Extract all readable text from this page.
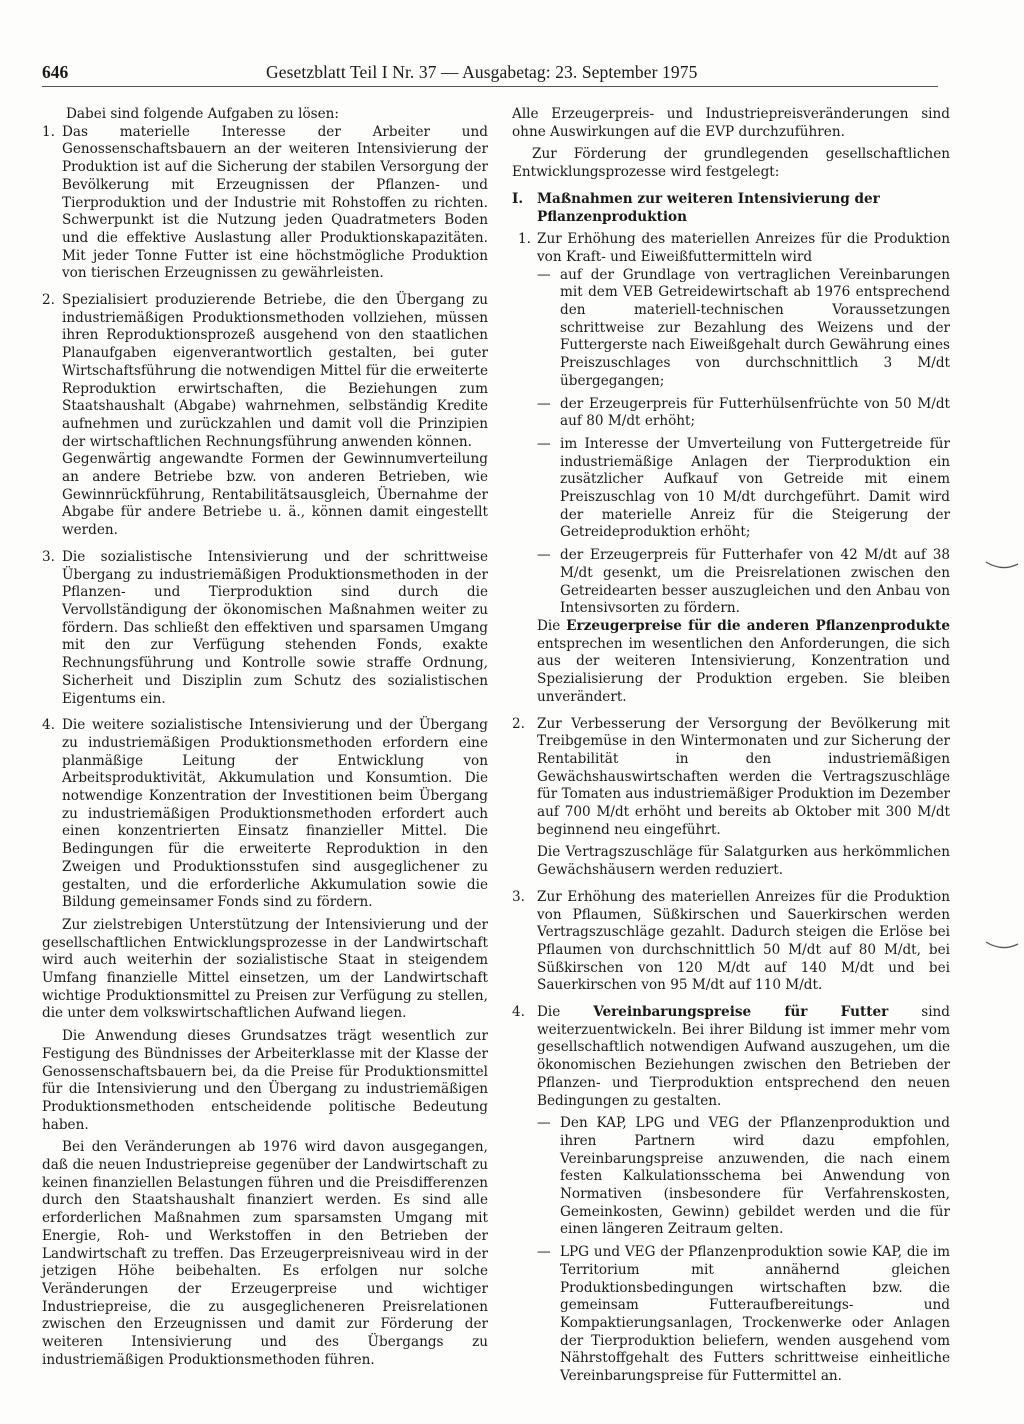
646	Gesetzblatt Teil I Nr. 37 — Ausgabetag: 23. September 1975

Dabei sind folgende Aufgaben zu lösen:

1. Das materielle Interesse der Arbeiter und Genossenschaftsbauern an der weiteren Intensivierung der Produktion ist auf die Sicherung der stabilen Versorgung der Bevölkerung mit Erzeugnissen der Pflanzen- und Tierproduktion und der Industrie mit Rohstoffen zu richten. Schwerpunkt ist die Nutzung jeden Quadratmeters Boden und die effektive Auslastung aller Produktionskapazitäten. Mit jeder Tonne Futter ist eine höchstmögliche Produktion von tierischen Erzeugnissen zu gewährleisten.
2. Spezialisiert produzierende Betriebe, die den Übergang zu industriemäßigen Produktionsmethoden vollziehen, müssen ihren Reproduktionsprozeß ausgehend von den staatlichen Planaufgaben eigenverantwortlich gestalten, bei guter Wirtschaftsführung die notwendigen Mittel für die erweiterte Reproduktion erwirtschaften, die Beziehungen zum Staatshaushalt (Abgabe) wahrnehmen, selbständig Kredite aufnehmen und zurückzahlen und damit voll die Prinzipien der wirtschaftlichen Rechnungsführung anwenden können.
Gegenwärtig angewandte Formen der Gewinnumverteilung an andere Betriebe bzw. von anderen Betrieben, wie Gewinnrückführung, Rentabilitätsausgleich, Übernahme der Abgabe für andere Betriebe u. ä., können damit eingestellt werden.
3. Die sozialistische Intensivierung und der schrittweise Übergang zu industriemäßigen Produktionsmethoden in der Pflanzen- und Tierproduktion sind durch die Vervollständigung der ökonomischen Maßnahmen weiter zu fördern. Das schließt den effektiven und sparsamen Umgang mit den zur Verfügung stehenden Fonds, exakte Rechnungsführung und Kontrolle sowie straffe Ordnung, Sicherheit und Disziplin zum Schutz des sozialistischen Eigentums ein.
4. Die weitere sozialistische Intensivierung und der Übergang zu industriemäßigen Produktionsmethoden erfordern eine planmäßige Leitung der Entwicklung von Arbeitsproduktivität, Akkumulation und Konsumtion. Die notwendige Konzentration der Investitionen beim Übergang zu industriemäßigen Produktionsmethoden erfordert auch einen konzentrierten Einsatz finanzieller Mittel. Die Bedingungen für die erweiterte Reproduktion in den Zweigen und Produktionsstufen sind ausgeglichener zu gestalten, und die erforderliche Akkumulation sowie die Bildung gemeinsamer Fonds sind zu fördern.

Zur zielstrebigen Unterstützung der Intensivierung und der gesellschaftlichen Entwicklungsprozesse in der Landwirtschaft wird auch weiterhin der sozialistische Staat in steigendem Umfang finanzielle Mittel einsetzen, um der Landwirtschaft wichtige Produktionsmittel zu Preisen zur Verfügung zu stellen, die unter dem volkswirtschaftlichen Aufwand liegen.

Die Anwendung dieses Grundsatzes trägt wesentlich zur Festigung des Bündnisses der Arbeiterklasse mit der Klasse der Genossenschaftsbauern bei, da die Preise für Produktionsmittel für die Intensivierung und den Übergang zu industriemäßigen Produktionsmethoden entscheidende politische Bedeutung haben.

Bei den Veränderungen ab 1976 wird davon ausgegangen, daß die neuen Industriepreise gegenüber der Landwirtschaft zu keinen finanziellen Belastungen führen und die Preisdifferenzen durch den Staatshaushalt finanziert werden. Es sind alle erforderlichen Maßnahmen zum sparsamsten Umgang mit Energie, Roh- und Werkstoffen in den Betrieben der Landwirtschaft zu treffen. Das Erzeugerpreisniveau wird in der jetzigen Höhe beibehalten. Es erfolgen nur solche Veränderungen der Erzeugerpreise und wichtiger Industriepreise, die zu ausgeglicheneren Preisrelationen zwischen den Erzeugnissen und damit zur Förderung der weiteren Intensivierung und des Übergangs zu industriemäßigen Produktionsmethoden führen.

Alle Erzeugerpreis- und Industriepreisveränderungen sind ohne Auswirkungen auf die EVP durchzuführen.

Zur Förderung der grundlegenden gesellschaftlichen Entwicklungsprozesse wird festgelegt:

I. Maßnahmen zur weiteren Intensivierung der Pflanzenproduktion
1. Zur Erhöhung des materiellen Anreizes für die Produktion von Kraft- und Eiweißfuttermitteln wird
— auf der Grundlage von vertraglichen Vereinbarungen mit dem VEB Getreidewirtschaft ab 1976 entsprechend den materiell-technischen Voraussetzungen schrittweise zur Bezahlung des Weizens und der Futtergerste nach Eiweißgehalt durch Gewährung eines Preiszuschlages von durchschnittlich 3 M/dt übergegangen;
— der Erzeugerpreis für Futterhülsenfrüchte von 50 M/dt auf 80 M/dt erhöht;
— im Interesse der Umverteilung von Futtergetreide für industriemäßige Anlagen der Tierproduktion ein zusätzlicher Aufkauf von Getreide mit einem Preiszuschlag von 10 M/dt durchgeführt. Damit wird der materielle Anreiz für die Steigerung der Getreideproduktion erhöht;
— der Erzeugerpreis für Futterhafer von 42 M/dt auf 38 M/dt gesenkt, um die Preisrelationen zwischen den Getreidearten besser auszugleichen und den Anbau von Intensivsorten zu fördern.
Die Erzeugerpreise für die anderen Pflanzenprodukte entsprechen im wesentlichen den Anforderungen, die sich aus der weiteren Intensivierung, Konzentration und Spezialisierung der Produktion ergeben. Sie bleiben unverändert.
2. Zur Verbesserung der Versorgung der Bevölkerung mit Treibgemüse in den Wintermonaten und zur Sicherung der Rentabilität in den industriemäßigen Gewächshauswirtschaften werden die Vertragszuschläge für Tomaten aus industriemäßiger Produktion im Dezember auf 700 M/dt erhöht und bereits ab Oktober mit 300 M/dt beginnend neu eingeführt.
Die Vertragszuschläge für Salatgurken aus herkömmlichen Gewächshäusern werden reduziert.
3. Zur Erhöhung des materiellen Anreizes für die Produktion von Pflaumen, Süßkirschen und Sauerkirschen werden Vertragszuschläge gezahlt. Dadurch steigen die Erlöse bei Pflaumen von durchschnittlich 50 M/dt auf 80 M/dt, bei Süßkirschen von 120 M/dt auf 140 M/dt und bei Sauerkirschen von 95 M/dt auf 110 M/dt.
4. Die Vereinbarungspreise für Futter sind weiterzuentwickeln. Bei ihrer Bildung ist immer mehr vom gesellschaftlich notwendigen Aufwand auszugehen, um die ökonomischen Beziehungen zwischen den Betrieben der Pflanzen- und Tierproduktion entsprechend den neuen Bedingungen zu gestalten.
— Den KAP, LPG und VEG der Pflanzenproduktion und ihren Partnern wird dazu empfohlen, Vereinbarungspreise anzuwenden, die nach einem festen Kalkulationsschema bei Anwendung von Normativen (insbesondere für Verfahrenskosten, Gemeinkosten, Gewinn) gebildet werden und die für einen längeren Zeitraum gelten.
— LPG und VEG der Pflanzenproduktion sowie KAP, die im Territorium mit annähernd gleichen Produktionsbedingungen wirtschaften bzw. die gemeinsam Futteraufbereitungs- und Kompaktierungsanlagen, Trockenwerke oder Anlagen der Tierproduktion beliefern, wenden ausgehend vom Nährstoffgehalt des Futters schrittweise einheitliche Vereinbarungspreise für Futtermittel an.
